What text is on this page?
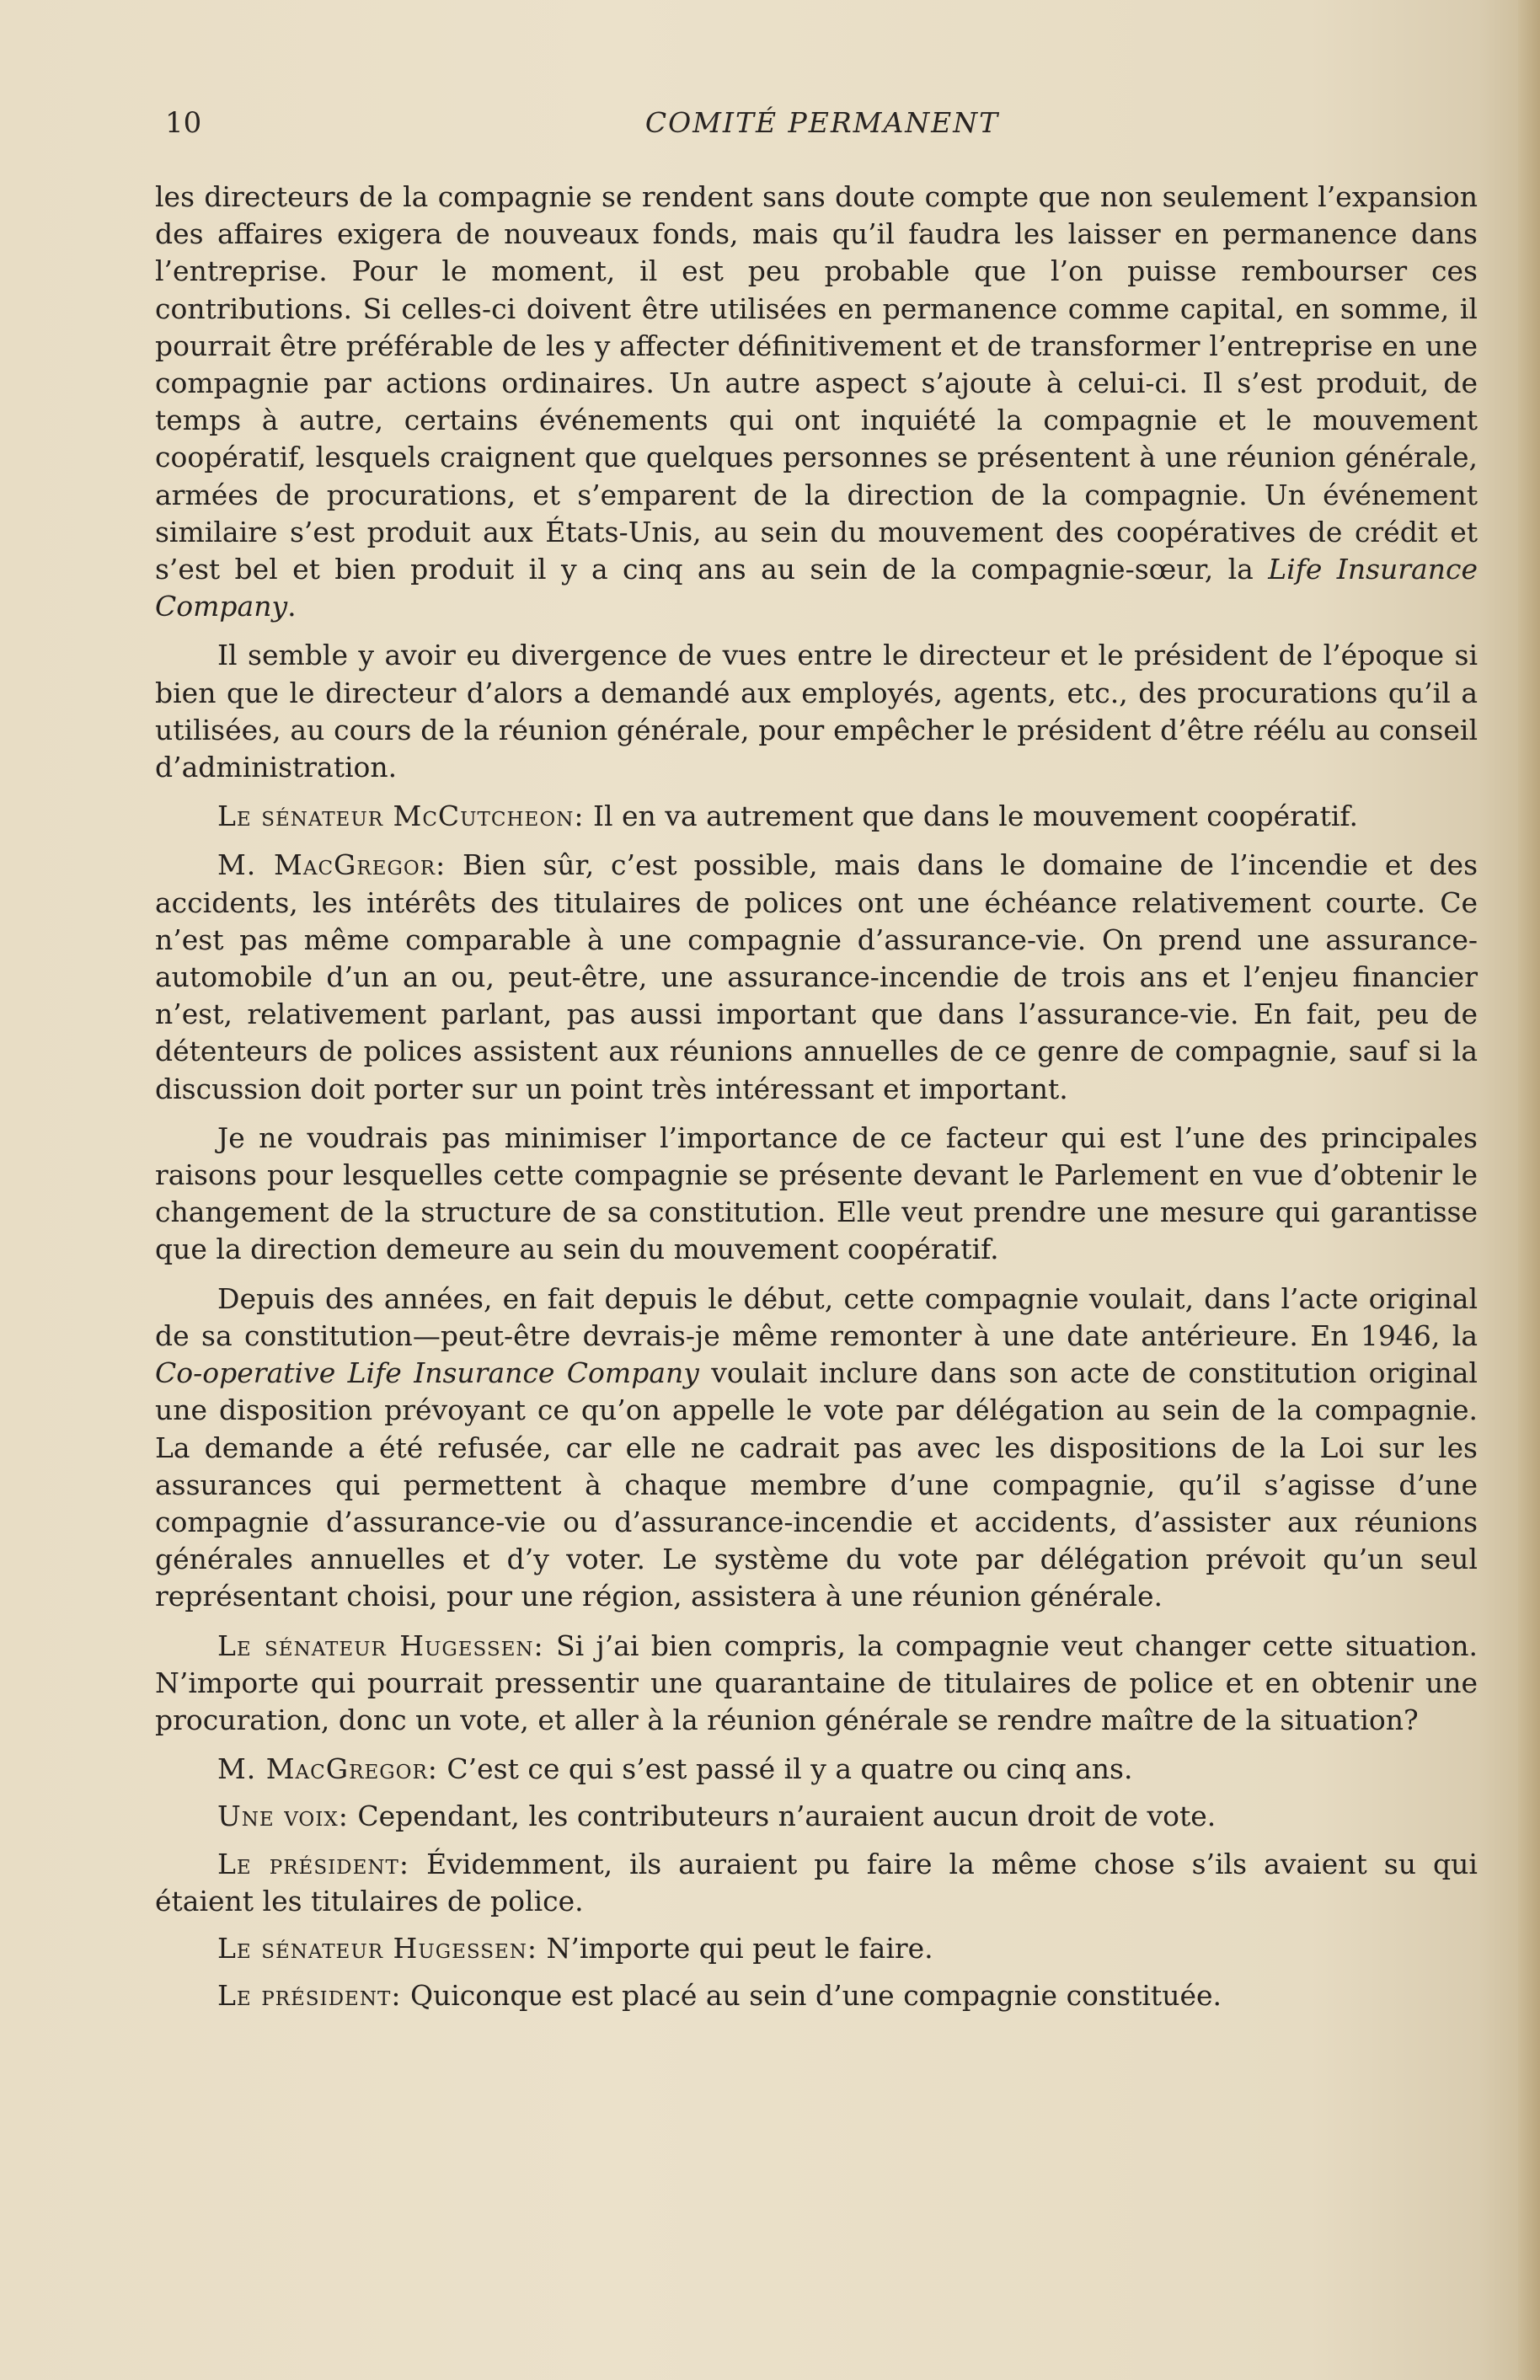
10	COMITÉ PERMANENT

les directeurs de la compagnie se rendent sans doute compte que non seulement l’expansion des affaires exigera de nouveaux fonds, mais qu’il faudra les laisser en permanence dans l’entreprise. Pour le moment, il est peu probable que l’on puisse rembourser ces contributions. Si celles-ci doivent être utilisées en permanence comme capital, en somme, il pourrait être préférable de les y affecter définitivement et de transformer l’entreprise en une compagnie par actions ordinaires. Un autre aspect s’ajoute à celui-ci. Il s’est produit, de temps à autre, certains événements qui ont inquiété la compagnie et le mouvement coopératif, lesquels craignent que quelques personnes se présentent à une réunion générale, armées de procurations, et s’emparent de la direction de la compagnie. Un événement similaire s’est produit aux États-Unis, au sein du mouvement des coopératives de crédit et s’est bel et bien produit il y a cinq ans au sein de la compagnie-sœur, la Life Insurance Company.

Il semble y avoir eu divergence de vues entre le directeur et le président de l’époque si bien que le directeur d’alors a demandé aux employés, agents, etc., des procurations qu’il a utilisées, au cours de la réunion générale, pour empêcher le président d’être réélu au conseil d’administration.

Le sénateur McCutcheon: Il en va autrement que dans le mouvement coopératif.

M. MacGregor: Bien sûr, c’est possible, mais dans le domaine de l’incendie et des accidents, les intérêts des titulaires de polices ont une échéance relativement courte. Ce n’est pas même comparable à une compagnie d’assurance-vie. On prend une assurance-automobile d’un an ou, peut-être, une assurance-incendie de trois ans et l’enjeu financier n’est, relativement parlant, pas aussi important que dans l’assurance-vie. En fait, peu de détenteurs de polices assistent aux réunions annuelles de ce genre de compagnie, sauf si la discussion doit porter sur un point très intéressant et important.

Je ne voudrais pas minimiser l’importance de ce facteur qui est l’une des principales raisons pour lesquelles cette compagnie se présente devant le Parlement en vue d’obtenir le changement de la structure de sa constitution. Elle veut prendre une mesure qui garantisse que la direction demeure au sein du mouvement coopératif.

Depuis des années, en fait depuis le début, cette compagnie voulait, dans l’acte original de sa constitution—peut-être devrais-je même remonter à une date antérieure. En 1946, la Co-operative Life Insurance Company voulait inclure dans son acte de constitution original une disposition prévoyant ce qu’on appelle le vote par délégation au sein de la compagnie. La demande a été refusée, car elle ne cadrait pas avec les dispositions de la Loi sur les assurances qui permettent à chaque membre d’une compagnie, qu’il s’agisse d’une compagnie d’assurance-vie ou d’assurance-incendie et accidents, d’assister aux réunions générales annuelles et d’y voter. Le système du vote par délégation prévoit qu’un seul représentant choisi, pour une région, assistera à une réunion générale.

Le sénateur Hugessen: Si j’ai bien compris, la compagnie veut changer cette situation. N’importe qui pourrait pressentir une quarantaine de titulaires de police et en obtenir une procuration, donc un vote, et aller à la réunion générale se rendre maître de la situation?

M. MacGregor: C’est ce qui s’est passé il y a quatre ou cinq ans.

Une voix: Cependant, les contributeurs n’auraient aucun droit de vote.

Le président: Évidemment, ils auraient pu faire la même chose s’ils avaient su qui étaient les titulaires de police.

Le sénateur Hugessen: N’importe qui peut le faire.

Le président: Quiconque est placé au sein d’une compagnie constituée.
